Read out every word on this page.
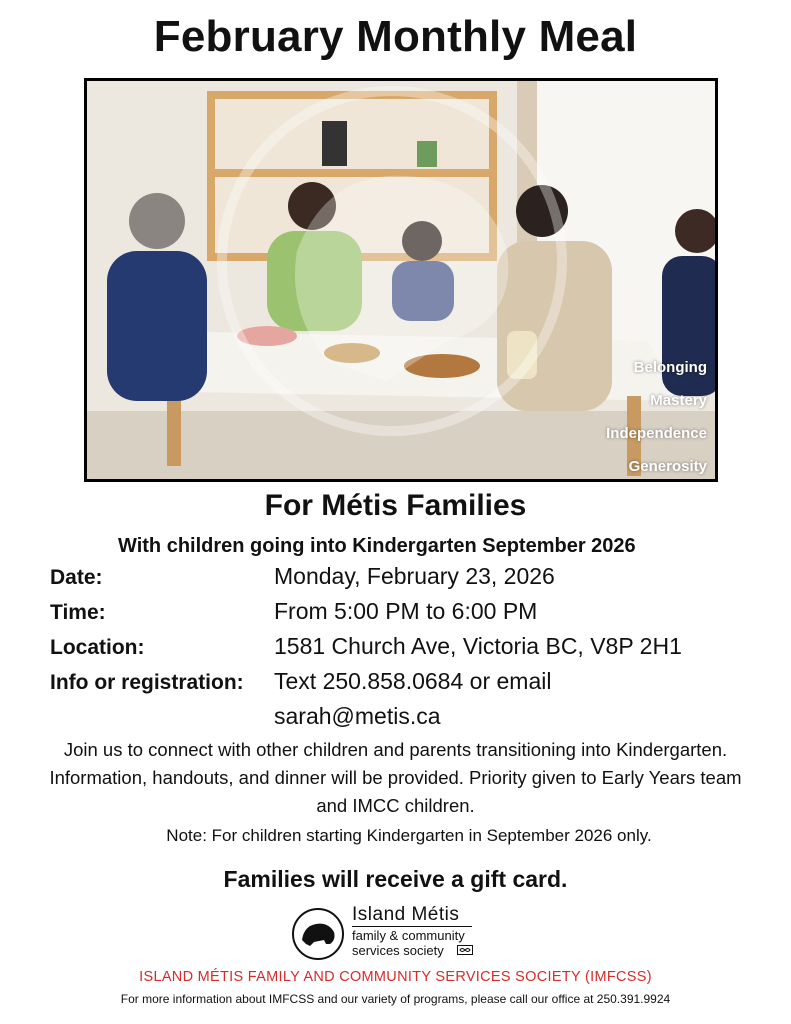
February Monthly Meal
Belonging
Mastery
Independence
Generosity
For Métis Families
With children going into Kindergarten September 2026
Date:	Monday, February 23, 2026
Time:	From 5:00 PM to 6:00 PM
Location:	1581 Church Ave, Victoria BC, V8P 2H1
Info or registration: Text 250.858.0684 or email
sarah@metis.ca
Join us to connect with other children and parents transitioning into Kindergarten. Information, handouts, and dinner will be provided. Priority given to Early Years team and IMCC children.
Note: For children starting Kindergarten in September 2026 only.
Families will receive a gift card.
Island Métis
family & community
services society
ISLAND MÉTIS FAMILY AND COMMUNITY SERVICES SOCIETY (IMFCSS)
For more information about IMFCSS and our variety of programs, please call our office at 250.391.9924
